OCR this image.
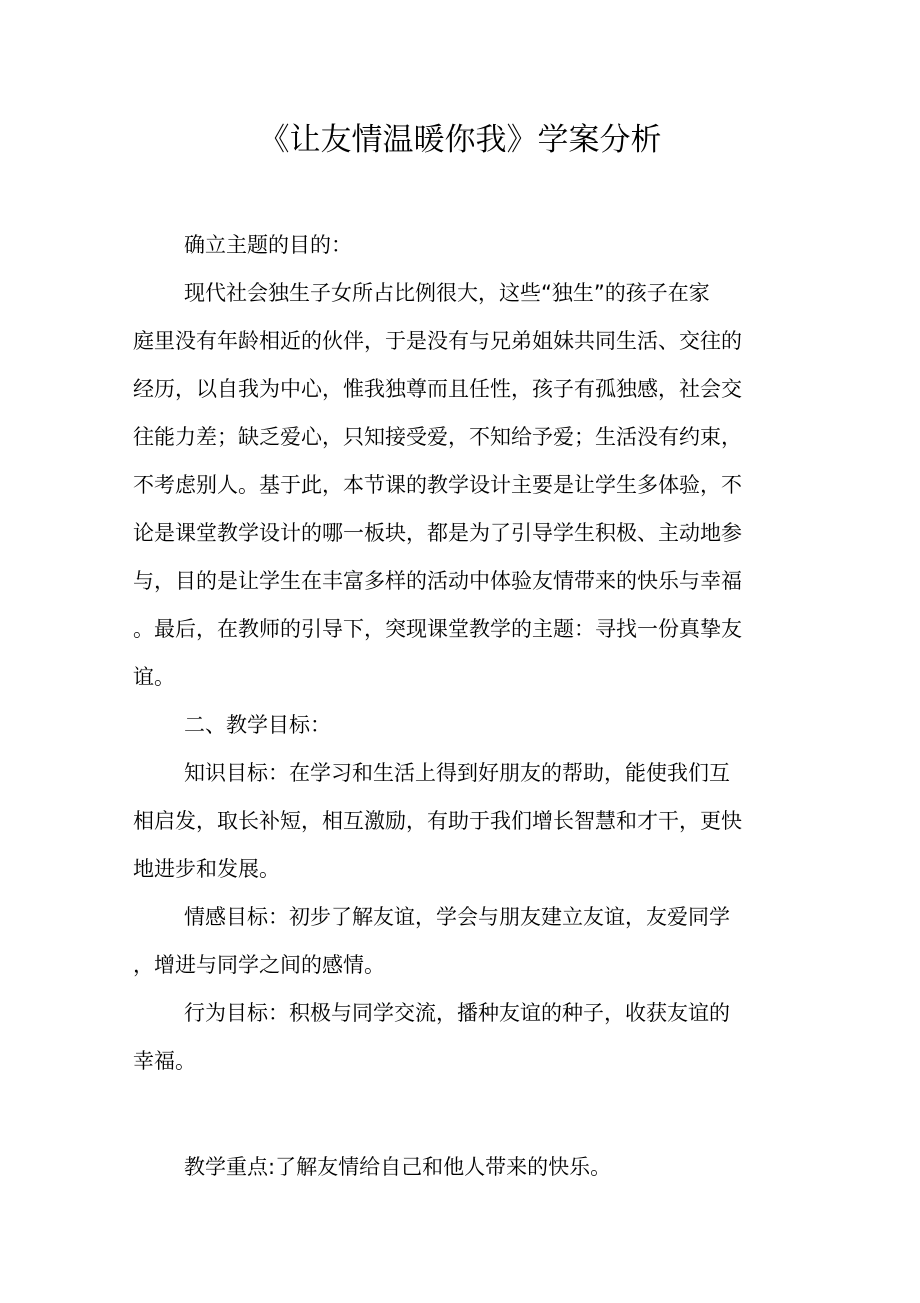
《让友情温暖你我》学案分析
确立主题的目的：
现代社会独生子女所占比例很大，这些“独生”的孩子在家
庭里没有年龄相近的伙伴，于是没有与兄弟姐妹共同生活、交往的
经历，以自我为中心，惟我独尊而且任性，孩子有孤独感，社会交
往能力差；缺乏爱心，只知接受爱，不知给予爱；生活没有约束，
不考虑别人。基于此，本节课的教学设计主要是让学生多体验，不
论是课堂教学设计的哪一板块，都是为了引导学生积极、主动地参
与，目的是让学生在丰富多样的活动中体验友情带来的快乐与幸福
。最后，在教师的引导下，突现课堂教学的主题：寻找一份真挚友
谊。
二、教学目标：
知识目标：在学习和生活上得到好朋友的帮助，能使我们互
相启发，取长补短，相互激励，有助于我们增长智慧和才干，更快
地进步和发展。
情感目标：初步了解友谊，学会与朋友建立友谊，友爱同学
，增进与同学之间的感情。
行为目标：积极与同学交流，播种友谊的种子，收获友谊的
幸福。
教学重点:了解友情给自己和他人带来的快乐。
